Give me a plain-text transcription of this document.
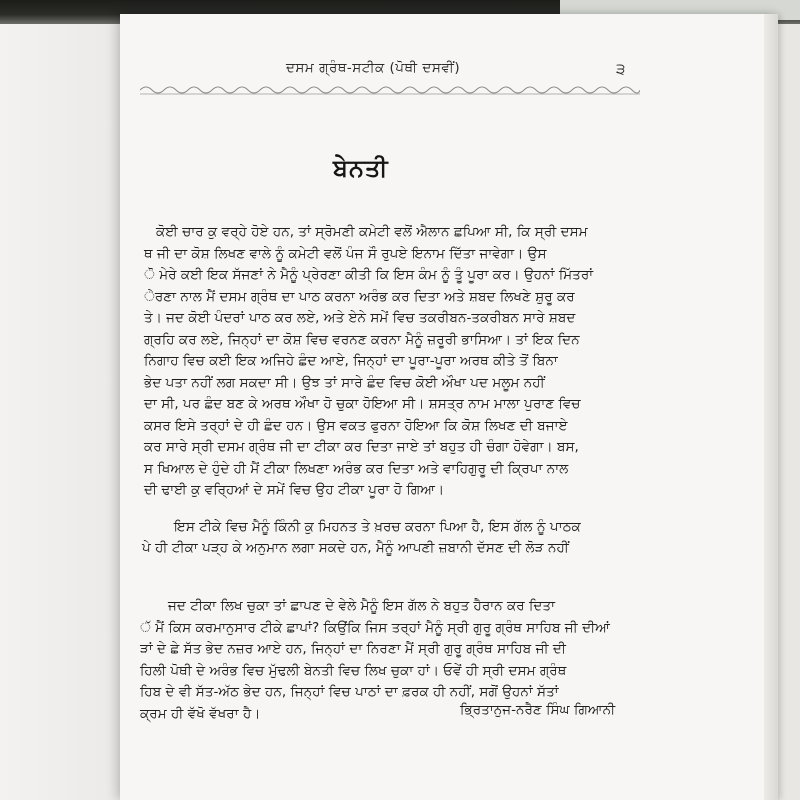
ਦਸਮ ਗ੍ਰੰਥ-ਸਟੀਕ (ਪੋਥੀ ਦਸਵੀਂ)	੩
ਬੇਨਤੀ
ਕੋਈ ਚਾਰ ਕੁ ਵਰ੍ਹੇ ਹੋਏ ਹਨ, ਤਾਂ ਸ੍ਰੋਮਣੀ ਕਮੇਟੀ ਵਲੋਂ ਐਲਾਨ ਛਪਿਆ ਸੀ, ਕਿ ਸ੍ਰੀ ਦਸਮ
ਥ ਜੀ ਦਾ ਕੋਸ਼ ਲਿਖਣ ਵਾਲੇ ਨੂੰ ਕਮੇਟੀ ਵਲੋਂ ਪੰਜ ਸੌ ਰੁਪਏ ਇਨਾਮ ਦਿੱਤਾ ਜਾਵੇਗਾ। ਉਸ
ੋ ਮੇਰੇ ਕਈ ਇਕ ਸੱਜਣਾਂ ਨੇ ਮੈਨੂੰ ਪ੍ਰੇਰਣਾ ਕੀਤੀ ਕਿ ਇਸ ਕੰਮ ਨੂੰ ਤੂੰ ਪੂਰਾ ਕਰ। ਉਹਨਾਂ ਮਿੱਤਰਾਂ
ੇਰਣਾ ਨਾਲ ਮੈਂ ਦਸਮ ਗ੍ਰੰਥ ਦਾ ਪਾਠ ਕਰਨਾ ਅਰੰਭ ਕਰ ਦਿਤਾ ਅਤੇ ਸ਼ਬਦ ਲਿਖਣੇ ਸ਼ੁਰੂ ਕਰ
ਤੇ। ਜਦ ਕੋਈ ਪੰਦਰਾਂ ਪਾਠ ਕਰ ਲਏ, ਅਤੇ ਏਨੇ ਸਮੇਂ ਵਿਚ ਤਕਰੀਬਨ-ਤਕਰੀਬਨ ਸਾਰੇ ਸ਼ਬਦ
ਗ੍ਰਹਿ ਕਰ ਲਏ, ਜਿਨ੍ਹਾਂ ਦਾ ਕੋਸ਼ ਵਿਚ ਵਰਨਣ ਕਰਨਾ ਮੈਨੂੰ ਜ਼ਰੂਰੀ ਭਾਸਿਆ। ਤਾਂ ਇਕ ਦਿਨ
ਨਿਗਾਹ ਵਿਚ ਕਈ ਇਕ ਅਜਿਹੇ ਛੰਦ ਆਏ, ਜਿਨ੍ਹਾਂ ਦਾ ਪੂਰਾ-ਪੂਰਾ ਅਰਥ ਕੀਤੇ ਤੋਂ ਬਿਨਾ
ਭੇਦ ਪਤਾ ਨਹੀਂ ਲਗ ਸਕਦਾ ਸੀ। ਉਝ ਤਾਂ ਸਾਰੇ ਛੰਦ ਵਿਚ ਕੋਈ ਔਖਾ ਪਦ ਮਲੂਮ ਨਹੀਂ
ਦਾ ਸੀ, ਪਰ ਛੰਦ ਬਣ ਕੇ ਅਰਥ ਔਖਾ ਹੋ ਚੁਕਾ ਹੋਇਆ ਸੀ। ਸ਼ਸਤ੍ਰ ਨਾਮ ਮਾਲਾ ਪੁਰਾਣ ਵਿਚ
ਕਸਰ ਇਸੇ ਤਰ੍ਹਾਂ ਦੇ ਹੀ ਛੰਦ ਹਨ। ਉਸ ਵਕਤ ਫੁਰਨਾ ਹੋਇਆ ਕਿ ਕੋਸ਼ ਲਿਖਣ ਦੀ ਬਜਾਏ
ਕਰ ਸਾਰੇ ਸ੍ਰੀ ਦਸਮ ਗ੍ਰੰਥ ਜੀ ਦਾ ਟੀਕਾ ਕਰ ਦਿਤਾ ਜਾਏ ਤਾਂ ਬਹੁਤ ਹੀ ਚੰਗਾ ਹੋਵੇਗਾ। ਬਸ,
ਸ ਖਿਆਲ ਦੇ ਹੁੰਦੇ ਹੀ ਮੈਂ ਟੀਕਾ ਲਿਖਣਾ ਅਰੰਭ ਕਰ ਦਿਤਾ ਅਤੇ ਵਾਹਿਗੁਰੂ ਦੀ ਕ੍ਰਿਪਾ ਨਾਲ
ਦੀ ਢਾਈ ਕੁ ਵਰ੍ਹਿਆਂ ਦੇ ਸਮੇਂ ਵਿਚ ਉਹ ਟੀਕਾ ਪੂਰਾ ਹੋ ਗਿਆ।
ਇਸ ਟੀਕੇ ਵਿਚ ਮੈਨੂੰ ਕਿੰਨੀ ਕੁ ਮਿਹਨਤ ਤੇ ਖ਼ਰਚ ਕਰਨਾ ਪਿਆ ਹੈ, ਇਸ ਗੱਲ ਨੂੰ ਪਾਠਕ
ਪੇ ਹੀ ਟੀਕਾ ਪੜ੍ਹ ਕੇ ਅਨੁਮਾਨ ਲਗਾ ਸਕਦੇ ਹਨ, ਮੈਨੂੰ ਆਪਣੀ ਜ਼ਬਾਨੀ ਦੱਸਣ ਦੀ ਲੋੜ ਨਹੀਂ
ਜਦ ਟੀਕਾ ਲਿਖ ਚੁਕਾ ਤਾਂ ਛਾਪਣ ਦੇ ਵੇਲੇ ਮੈਨੂੰ ਇਸ ਗੱਲ ਨੇ ਬਹੁਤ ਹੈਰਾਨ ਕਰ ਦਿਤਾ
ੱ ਮੈਂ ਕਿਸ ਕਰਮਾਨੁਸਾਰ ਟੀਕੇ ਛਾਪਾਂ? ਕਿਉਂਕਿ ਜਿਸ ਤਰ੍ਹਾਂ ਮੈਨੂੰ ਸ੍ਰੀ ਗੁਰੂ ਗ੍ਰੰਥ ਸਾਹਿਬ ਜੀ ਦੀਆਂ
ੜਾਂ ਦੇ ਛੇ ਸੱਤ ਭੇਦ ਨਜ਼ਰ ਆਏ ਹਨ, ਜਿਨ੍ਹਾਂ ਦਾ ਨਿਰਣਾ ਮੈਂ ਸ੍ਰੀ ਗੁਰੂ ਗ੍ਰੰਥ ਸਾਹਿਬ ਜੀ ਦੀ
ਹਿਲੀ ਪੋਥੀ ਦੇ ਅਰੰਭ ਵਿਚ ਮੁੱਢਲੀ ਬੇਨਤੀ ਵਿਚ ਲਿਖ ਚੁਕਾ ਹਾਂ। ਓਵੇਂ ਹੀ ਸ੍ਰੀ ਦਸਮ ਗ੍ਰੰਥ
ਹਿਬ ਦੇ ਵੀ ਸੱਤ-ਅੱਠ ਭੇਦ ਹਨ, ਜਿਨ੍ਹਾਂ ਵਿਚ ਪਾਠਾਂ ਦਾ ਫ਼ਰਕ ਹੀ ਨਹੀਂ, ਸਗੋਂ ਉਹਨਾਂ ਸੱਤਾਂ
ਕ੍ਰਮ ਹੀ ਵੱਖੋ ਵੱਖਰਾ ਹੈ।	ਭ੍ਰਿਤਾਨੁਜ-ਨਰੈਣ ਸਿੰਘ ਗਿਆਨੀ
